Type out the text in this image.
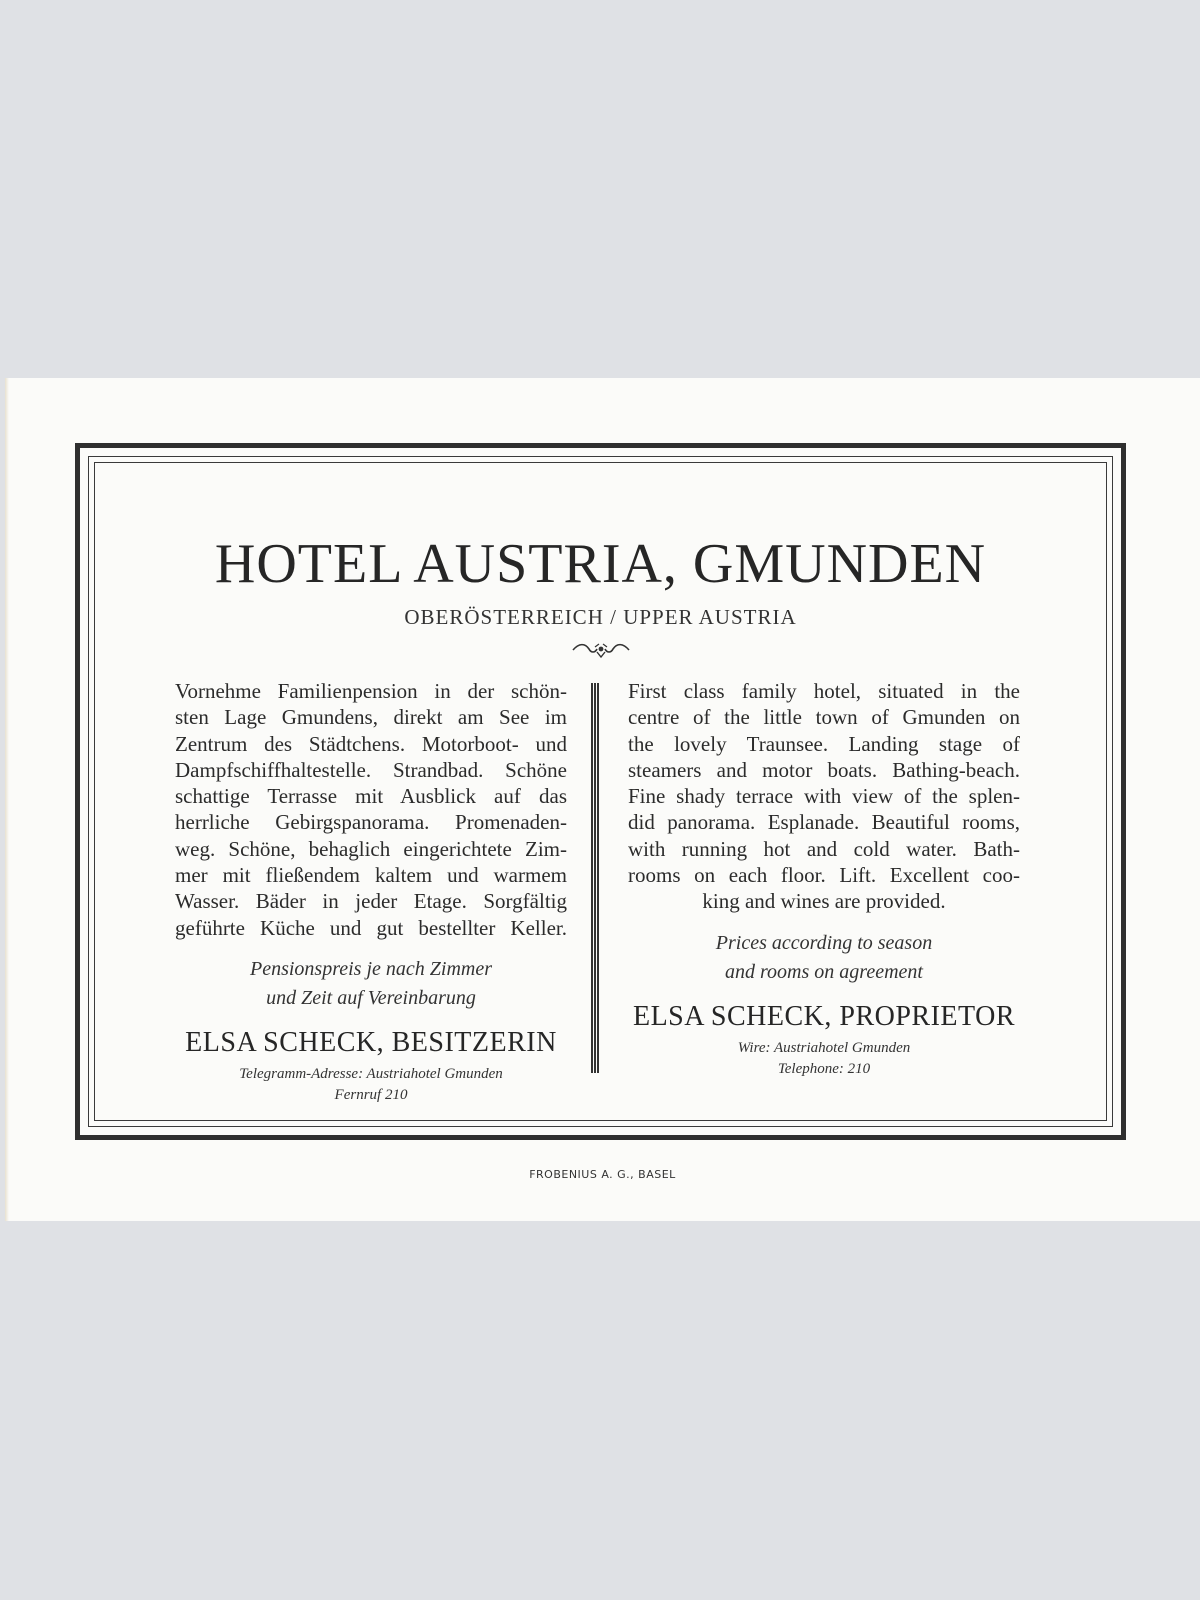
HOTEL AUSTRIA, GMUNDEN
OBERÖSTERREICH / UPPER AUSTRIA
Vornehme Familienpension in der schön-
sten Lage Gmundens, direkt am See im
Zentrum des Städtchens. Motorboot- und
Dampfschiffhaltestelle. Strandbad. Schöne
schattige Terrasse mit Ausblick auf das
herrliche Gebirgspanorama. Promenaden-
weg. Schöne, behaglich eingerichtete Zim-
mer mit fließendem kaltem und warmem
Wasser. Bäder in jeder Etage. Sorgfältig
geführte Küche und gut bestellter Keller.
Pensionspreis je nach Zimmer
und Zeit auf Vereinbarung
ELSA SCHECK, BESITZERIN
Telegramm-Adresse: Austriahotel Gmunden
Fernruf 210
First class family hotel, situated in the
centre of the little town of Gmunden on
the lovely Traunsee. Landing stage of
steamers and motor boats. Bathing-beach.
Fine shady terrace with view of the splen-
did panorama. Esplanade. Beautiful rooms,
with running hot and cold water. Bath-
rooms on each floor. Lift. Excellent coo-
king and wines are provided.
Prices according to season
and rooms on agreement
ELSA SCHECK, PROPRIETOR
Wire: Austriahotel Gmunden
Telephone: 210
FROBENIUS A. G., BASEL
